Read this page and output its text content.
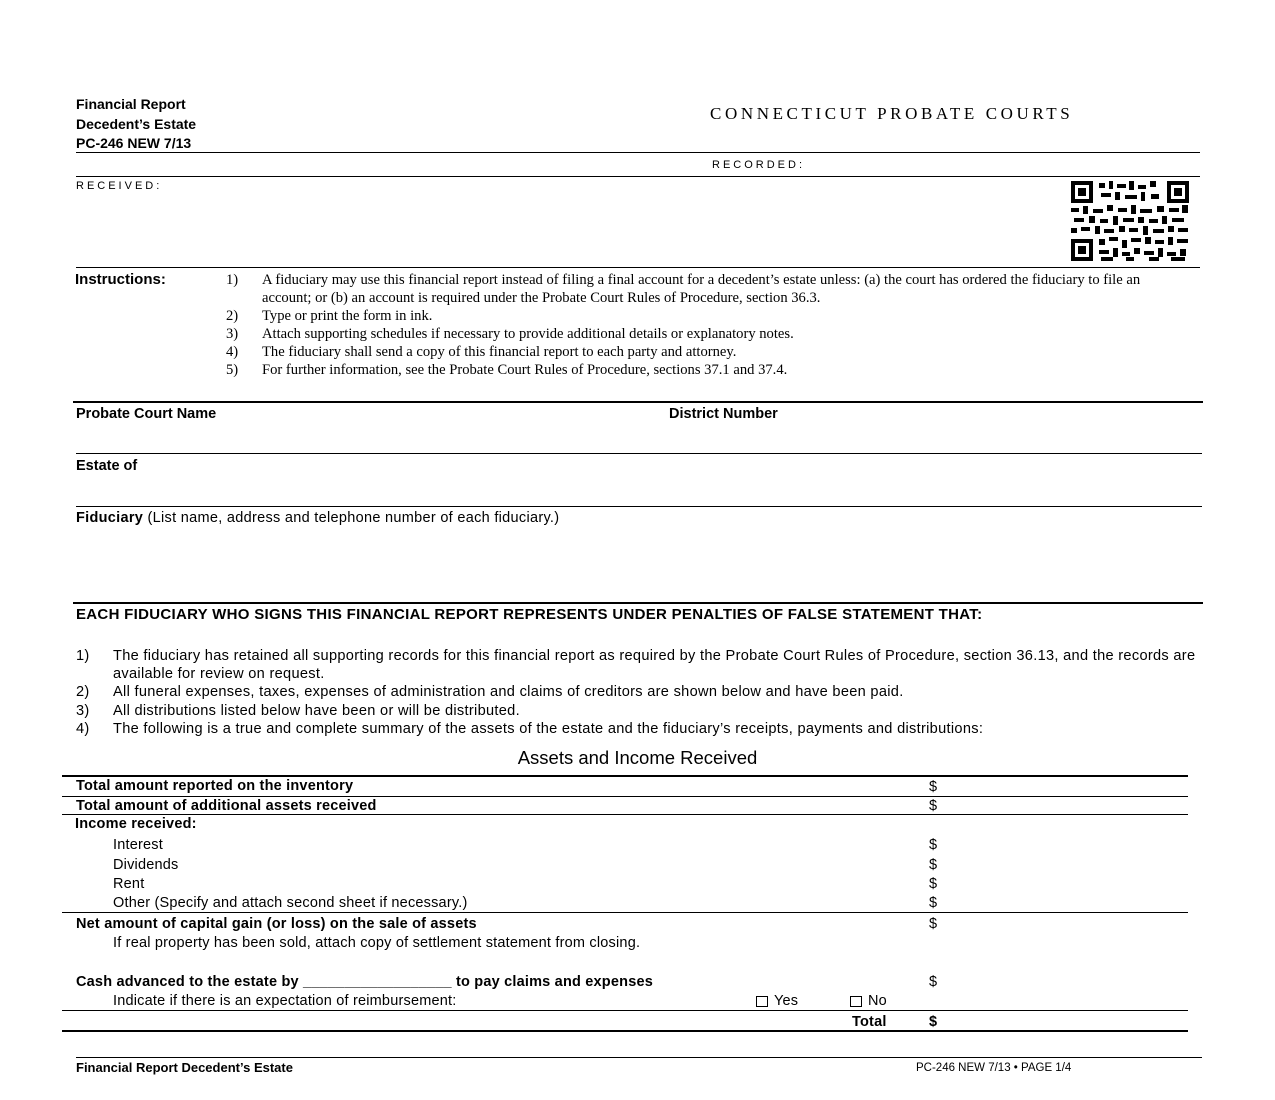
Financial Report
Decedent’s Estate
PC-246 NEW 7/13
CONNECTICUT PROBATE COURTS
RECORDED:
RECEIVED:
Instructions:	1)	A fiduciary may use this financial report instead of filing a final account for a decedent’s estate unless: (a) the court has ordered the fiduciary to file an account; or (b) an account is required under the Probate Court Rules of Procedure, section 36.3.
2)	Type or print the form in ink.
3)	Attach supporting schedules if necessary to provide additional details or explanatory notes.
4)	The fiduciary shall send a copy of this financial report to each party and attorney.
5)	For further information, see the Probate Court Rules of Procedure, sections 37.1 and 37.4.
Probate Court Name	District Number
Estate of
Fiduciary (List name, address and telephone number of each fiduciary.)
EACH FIDUCIARY WHO SIGNS THIS FINANCIAL REPORT REPRESENTS UNDER PENALTIES OF FALSE STATEMENT THAT:
1)	The fiduciary has retained all supporting records for this financial report as required by the Probate Court Rules of Procedure, section 36.13, and the records are available for review on request.
2)	All funeral expenses, taxes, expenses of administration and claims of creditors are shown below and have been paid.
3)	All distributions listed below have been or will be distributed.
4)	The following is a true and complete summary of the assets of the estate and the fiduciary’s receipts, payments and distributions:
Assets and Income Received
Total amount reported on the inventory	$
Total amount of additional assets received	$
Income received:
Interest	$
Dividends	$
Rent	$
Other (Specify and attach second sheet if necessary.)	$
Net amount of capital gain (or loss) on the sale of assets	$
If real property has been sold, attach copy of settlement statement from closing.
Cash advanced to the estate by __________________ to pay claims and expenses	$
Indicate if there is an expectation of reimbursement:	Yes	No
Total	$
Financial Report Decedent’s Estate	PC-246 NEW 7/13 • PAGE 1/4
